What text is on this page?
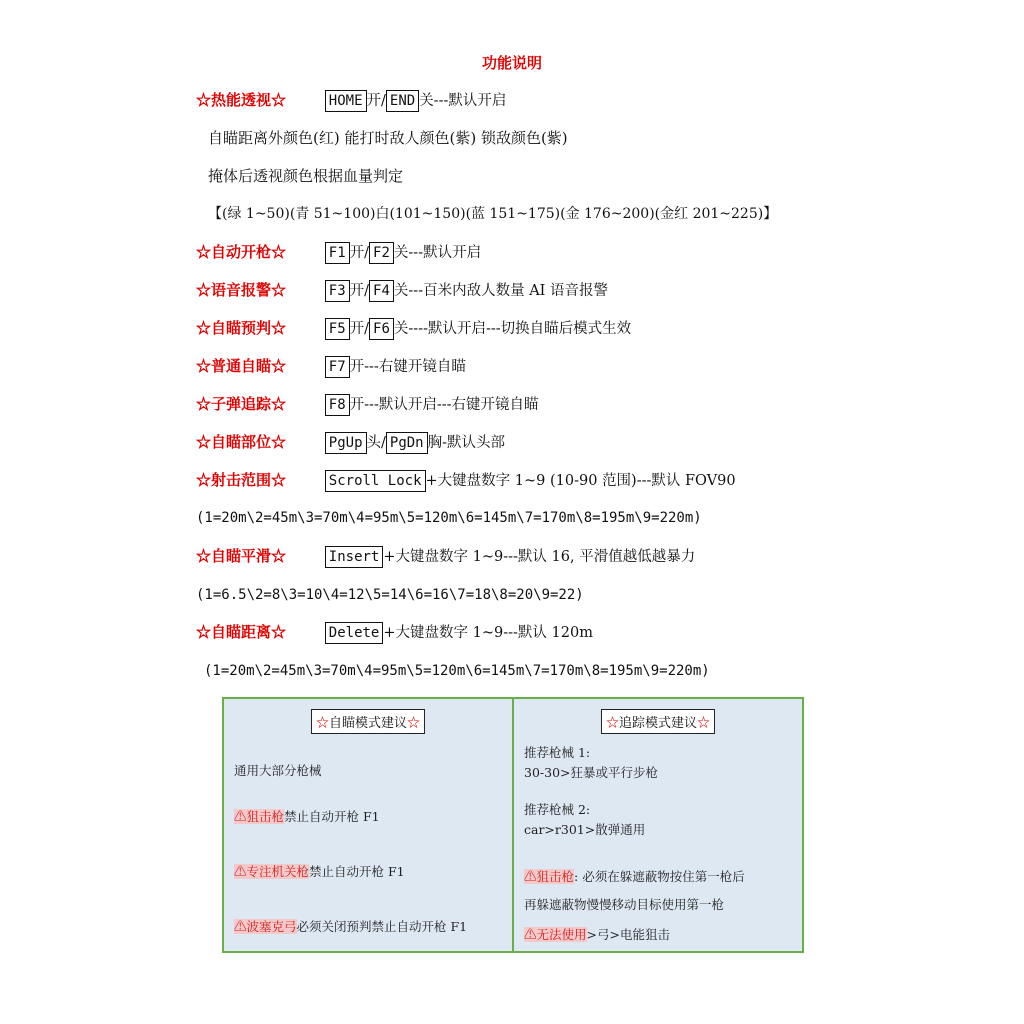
功能说明
☆热能透视☆	HOME 开/ END 关---默认开启
自瞄距离外颜色(红) 能打时敌人颜色(紫) 锁敌颜色(紫)
掩体后透视颜色根据血量判定
【(绿 1~50)(青 51~100)白(101~150)(蓝 151~175)(金 176~200)(金红 201~225)】
☆自动开枪☆	F1 开/ F2 关---默认开启
☆语音报警☆	F3 开/ F4 关---百米内敌人数量 AI 语音报警
☆自瞄预判☆	F5 开/ F6 关----默认开启---切换自瞄后模式生效
☆普通自瞄☆	F7 开---右键开镜自瞄
☆子弹追踪☆	F8 开---默认开启---右键开镜自瞄
☆自瞄部位☆	PgUp 头/ PgDn 胸-默认头部
☆射击范围☆	Scroll Lock +大键盘数字 1~9 (10-90 范围)---默认 FOV90
(1=20m\2=45m\3=70m\4=95m\5=120m\6=145m\7=170m\8=195m\9=220m)
☆自瞄平滑☆	Insert +大键盘数字 1~9---默认 16, 平滑值越低越暴力
(1=6.5\2=8\3=10\4=12\5=14\6=16\7=18\8=20\9=22)
☆自瞄距离☆	Delete +大键盘数字 1~9---默认 120m
(1=20m\2=45m\3=70m\4=95m\5=120m\6=145m\7=170m\8=195m\9=220m)
☆自瞄模式建议☆
通用大部分枪械
⚠狙击枪禁止自动开枪 F1
⚠专注机关枪禁止自动开枪 F1
⚠波塞克弓必须关闭预判禁止自动开枪 F1
☆追踪模式建议☆
推荐枪械 1:
30-30>狂暴或平行步枪
推荐枪械 2:
car>r301>散弹通用
⚠狙击枪: 必须在躲遮蔽物按住第一枪后
再躲遮蔽物慢慢移动目标使用第一枪
⚠无法使用>弓>电能狙击
